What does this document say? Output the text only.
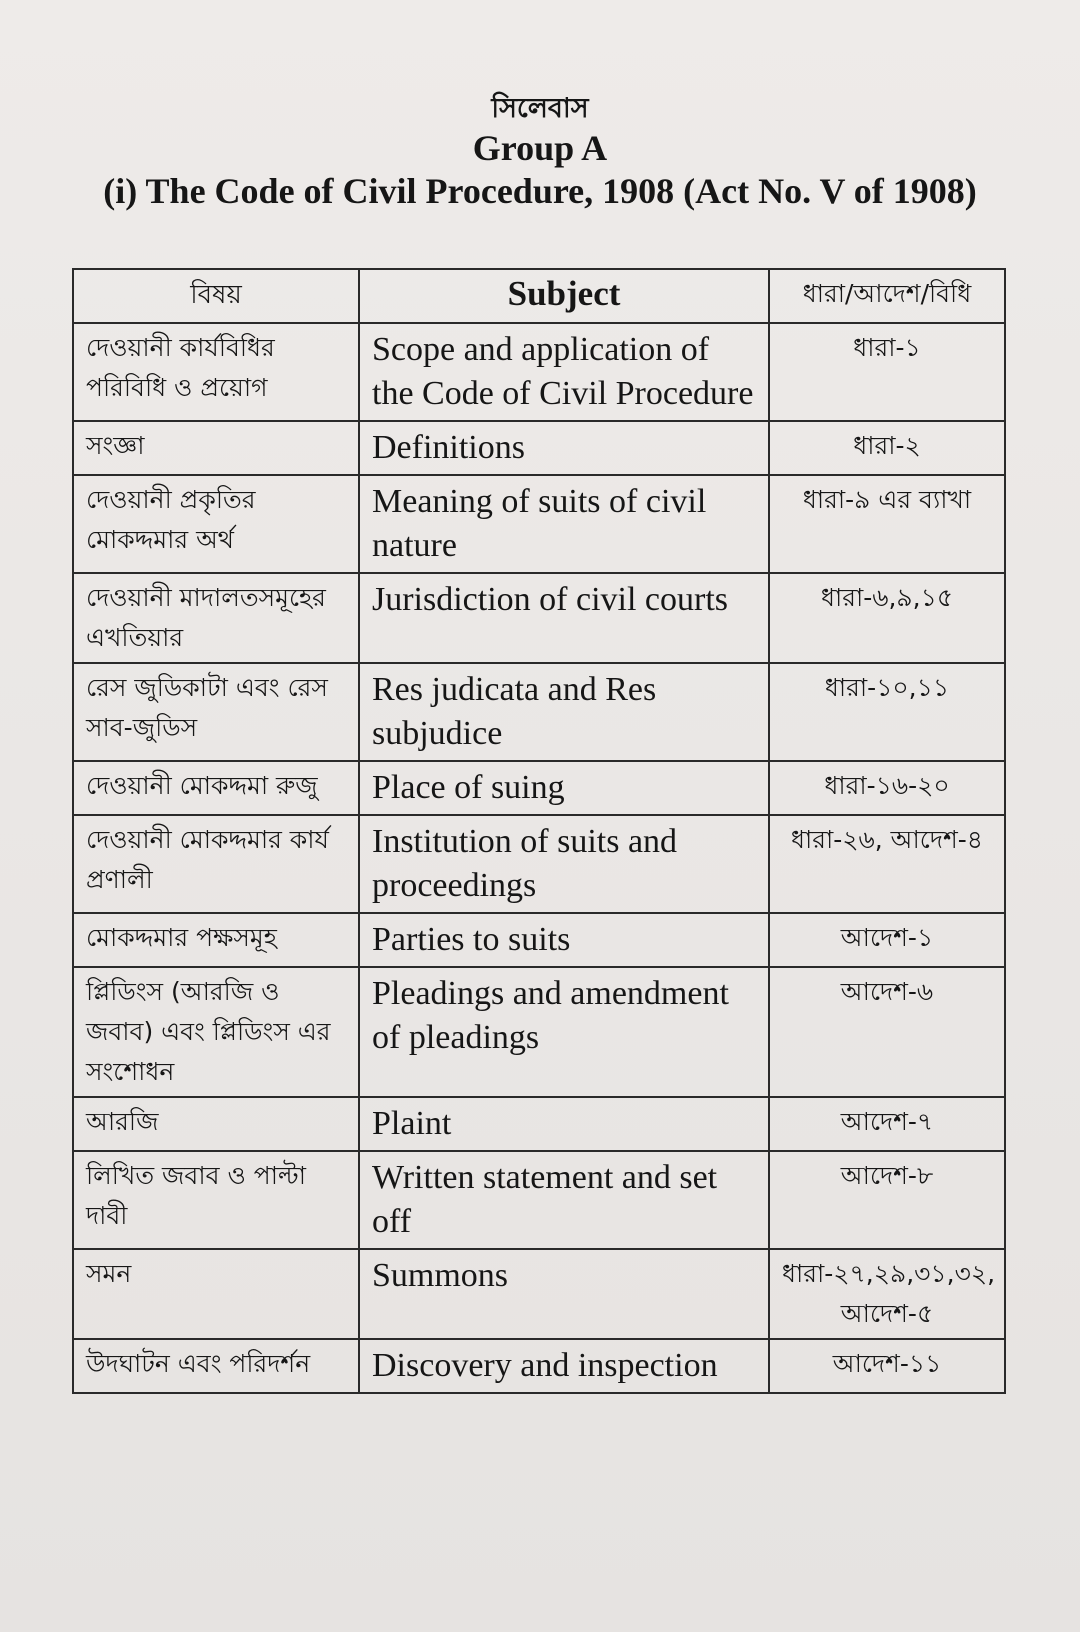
সিলেবাস
Group A
(i) The Code of Civil Procedure, 1908 (Act No. V of 1908)
বিষয়	Subject	ধারা/আদেশ/বিধি
দেওয়ানী কার্যবিধির পরিবিধি ও প্রয়োগ	Scope and application of the Code of Civil Procedure	ধারা-১
সংজ্ঞা	Definitions	ধারা-২
দেওয়ানী প্রকৃতির মোকদ্দমার অর্থ	Meaning of suits of civil nature	ধারা-৯ এর ব্যাখা
দেওয়ানী মাদালতসমূহের এখতিয়ার	Jurisdiction of civil courts	ধারা-৬,৯,১৫
রেস জুডিকাটা এবং রেস সাব-জুডিস	Res judicata and Res subjudice	ধারা-১০,১১
দেওয়ানী মোকদ্দমা রুজু	Place of suing	ধারা-১৬-২০
দেওয়ানী মোকদ্দমার কার্য প্রণালী	Institution of suits and proceedings	ধারা-২৬, আদেশ-৪
মোকদ্দমার পক্ষসমূহ	Parties to suits	আদেশ-১
প্লিডিংস (আরজি ও জবাব) এবং প্লিডিংস এর সংশোধন	Pleadings and amendment of pleadings	আদেশ-৬
আরজি	Plaint	আদেশ-৭
লিখিত জবাব ও পাল্টা দাবী	Written statement and set off	আদেশ-৮
সমন	Summons	ধারা-২৭,২৯,৩১,৩২, আদেশ-৫
উদঘাটন এবং পরিদর্শন	Discovery and inspection	আদেশ-১১
